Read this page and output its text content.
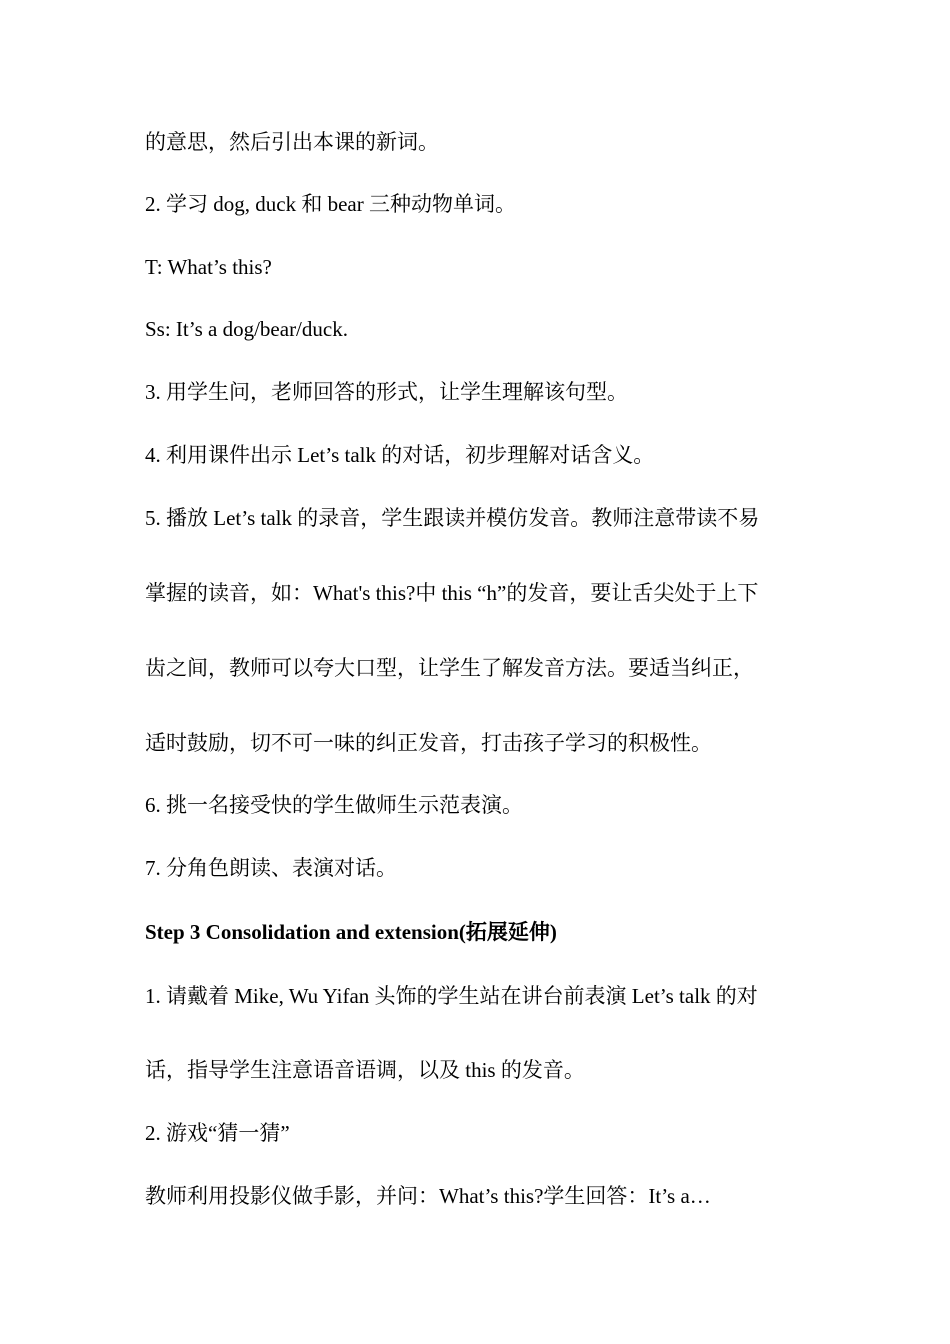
的意思，然后引出本课的新词。
2. 学习 dog, duck 和 bear 三种动物单词。
T: What’s this?
Ss: It’s a dog/bear/duck.
3. 用学生问，老师回答的形式，让学生理解该句型。
4. 利用课件出示 Let’s talk 的对话，初步理解对话含义。
5. 播放 Let’s talk 的录音，学生跟读并模仿发音。教师注意带读不易
掌握的读音，如：What's this?中 this “h”的发音，要让舌尖处于上下
齿之间，教师可以夸大口型，让学生了解发音方法。要适当纠正，
适时鼓励，切不可一味的纠正发音，打击孩子学习的积极性。
6. 挑一名接受快的学生做师生示范表演。
7. 分角色朗读、表演对话。
Step 3 Consolidation and extension(拓展延伸)
1. 请戴着 Mike, Wu Yifan 头饰的学生站在讲台前表演 Let’s talk 的对
话，指导学生注意语音语调，以及 this 的发音。
2. 游戏“猜一猜”
教师利用投影仪做手影，并问：What’s this?学生回答：It’s a…
